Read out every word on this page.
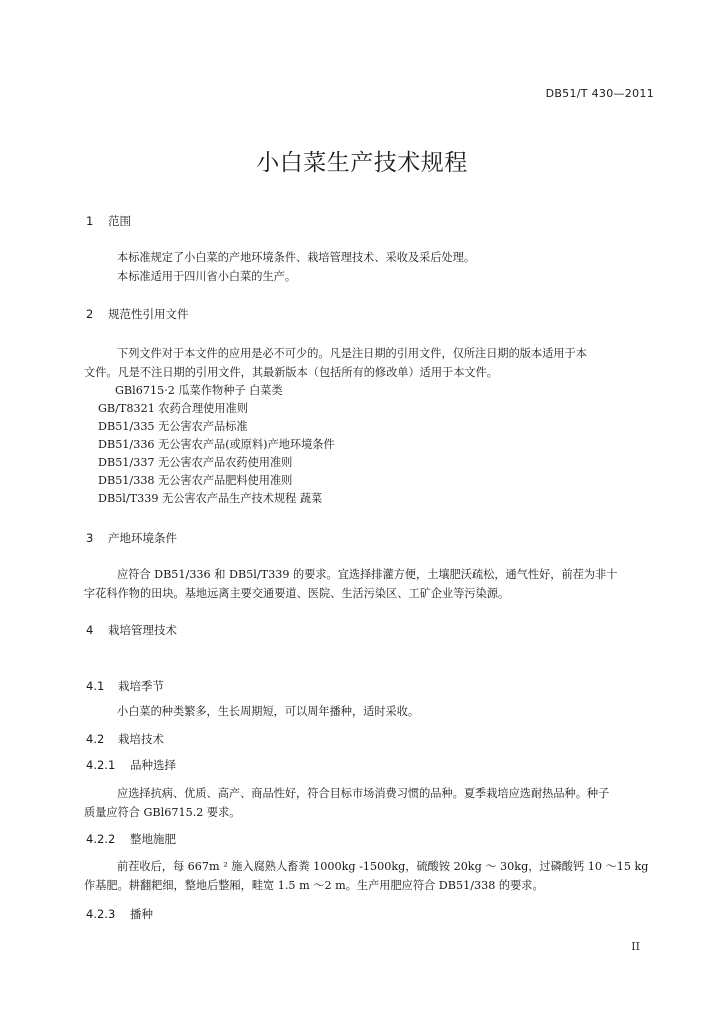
DB51/T 430—2011
小白菜生产技术规程
1 范围
本标准规定了小白菜的产地环境条件、栽培管理技术、采收及采后处理。
本标准适用于四川省小白菜的生产。
2 规范性引用文件
下列文件对于本文件的应用是必不可少的。凡是注日期的引用文件，仅所注日期的版本适用于本
文件。凡是不注日期的引用文件，其最新版本（包括所有的修改单）适用于本文件。
GBl6715·2 瓜菜作物种子 白菜类
GB/T8321 农药合理使用准则
DB51/335 无公害农产品标准
DB51/336 无公害农产品(或原料)产地环境条件
DB51/337 无公害农产品农药使用准则
DB51/338 无公害农产品肥料使用准则
DB5l/T339 无公害农产品生产技术规程 蔬菜
3 产地环境条件
应符合 DB51/336 和 DB5l/T339 的要求。宜选择排灌方便，土壤肥沃疏松，通气性好，前茬为非十
字花科作物的田块。基地远离主要交通要道、医院、生活污染区、工矿企业等污染源。
4 栽培管理技术
4.1 栽培季节
小白菜的种类繁多，生长周期短，可以周年播种，适时采收。
4.2 栽培技术
4.2.1 品种选择
应选择抗病、优质、高产、商品性好，符合目标市场消费习惯的品种。夏季栽培应选耐热品种。种子
质量应符合 GBl6715.2 要求。
4.2.2 整地施肥
前茬收后，每 667m ² 施入腐熟人畜粪 1000kg -1500kg，硫酸铵 20kg ～ 30kg，过磷酸钙 10 ～15 kg
作基肥。耕翻耙细，整地后整厢，畦宽 1.5 m ～2 m。生产用肥应符合 DB51/338 的要求。
4.2.3 播种
II
